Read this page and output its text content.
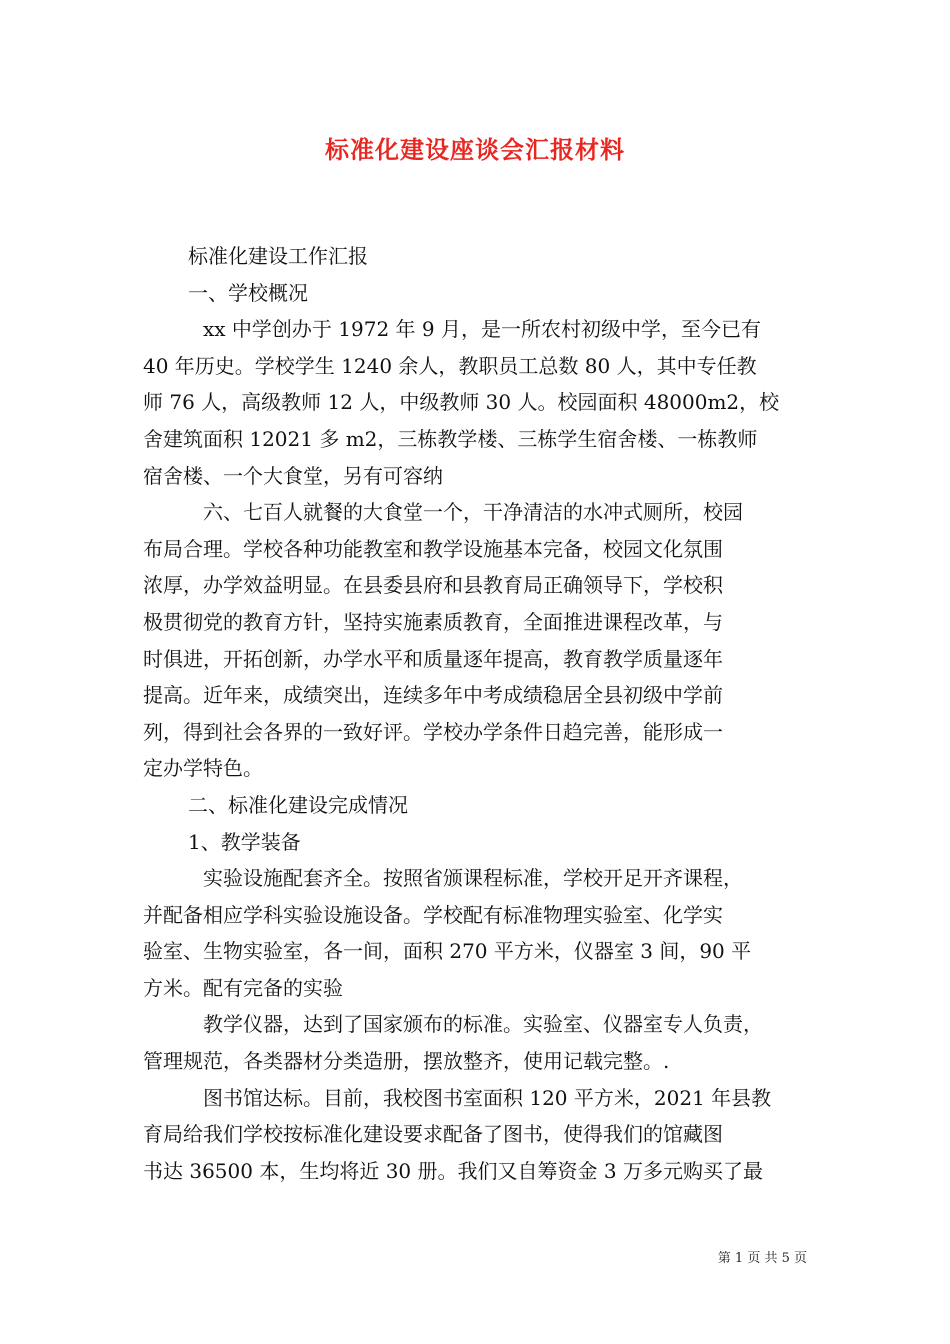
标准化建设座谈会汇报材料
标准化建设工作汇报
一、学校概况
xx 中学创办于 1972 年 9 月，是一所农村初级中学，至今已有
40 年历史。学校学生 1240 余人，教职员工总数 80 人，其中专任教
师 76 人，高级教师 12 人，中级教师 30 人。校园面积 48000m2，校
舍建筑面积 12021 多 m2，三栋教学楼、三栋学生宿舍楼、一栋教师
宿舍楼、一个大食堂，另有可容纳
六、七百人就餐的大食堂一个，干净清洁的水冲式厕所，校园
布局合理。学校各种功能教室和教学设施基本完备，校园文化氛围
浓厚，办学效益明显。在县委县府和县教育局正确领导下，学校积
极贯彻党的教育方针，坚持实施素质教育，全面推进课程改革，与
时俱进，开拓创新，办学水平和质量逐年提高，教育教学质量逐年
提高。近年来，成绩突出，连续多年中考成绩稳居全县初级中学前
列，得到社会各界的一致好评。学校办学条件日趋完善，能形成一
定办学特色。
二、标准化建设完成情况
1、教学装备
实验设施配套齐全。按照省颁课程标准，学校开足开齐课程，
并配备相应学科实验设施设备。学校配有标准物理实验室、化学实
验室、生物实验室，各一间，面积 270 平方米，仪器室 3 间，90 平
方米。配有完备的实验
教学仪器，达到了国家颁布的标准。实验室、仪器室专人负责，
管理规范，各类器材分类造册，摆放整齐，使用记载完整。.
图书馆达标。目前，我校图书室面积 120 平方米，2021 年县教
育局给我们学校按标准化建设要求配备了图书，使得我们的馆藏图
书达 36500 本，生均将近 30 册。我们又自筹资金 3 万多元购买了最
第 1 页 共 5 页
